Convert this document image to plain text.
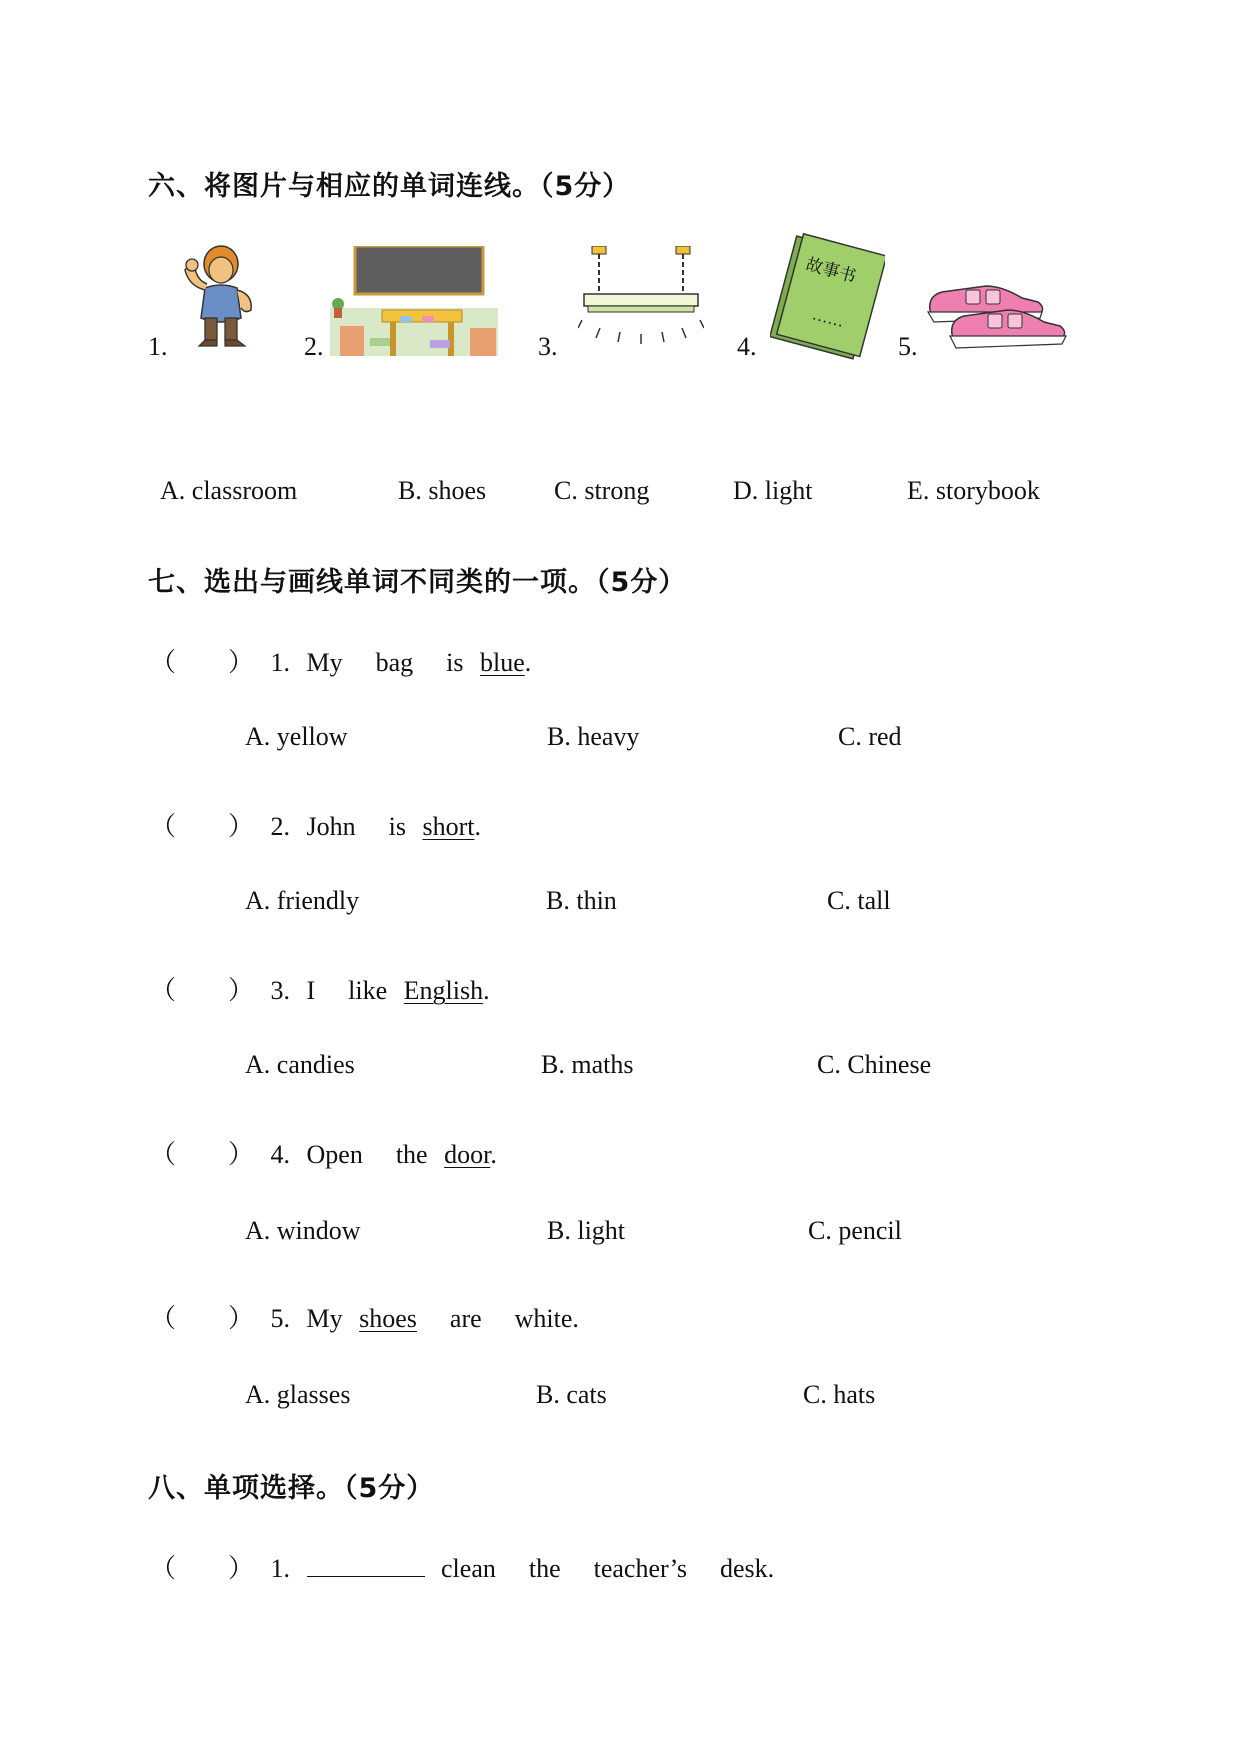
六、将图片与相应的单词连线。（5分）
1.	2.	3.	4.	5.
故事书
……
A. classroom	B. shoes	C. strong	D. light	E. storybook
七、选出与画线单词不同类的一项。（5分）
（　　） 1. My  bag  is blue.
A. yellow	B. heavy	C. red
（　　） 2. John  is short.
A. friendly	B. thin	C. tall
（　　） 3. I  like English.
A. candies	B. maths	C. Chinese
（　　） 4. Open  the door.
A. window	B. light	C. pencil
（　　） 5. My shoes  are  white.
A. glasses	B. cats	C. hats
八、单项选择。（5分）
（　　） 1.	clean  the  teacher’s  desk.
